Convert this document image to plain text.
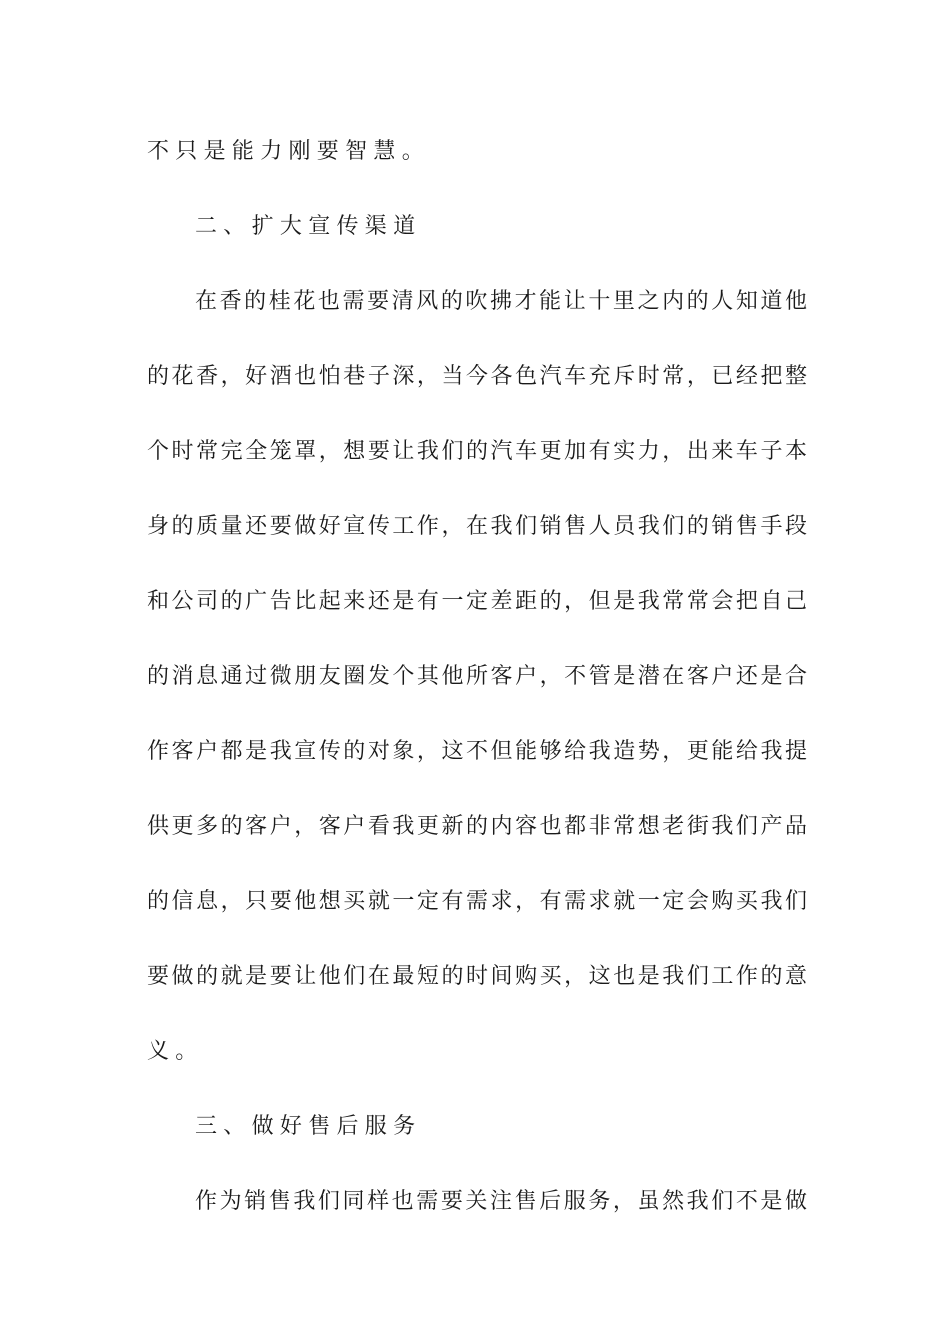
不只是能力刚要智慧。
二、扩大宣传渠道
在香的桂花也需要清风的吹拂才能让十里之内的人知道他
的花香，好酒也怕巷子深，当今各色汽车充斥时常，已经把整
个时常完全笼罩，想要让我们的汽车更加有实力，出来车子本
身的质量还要做好宣传工作，在我们销售人员我们的销售手段
和公司的广告比起来还是有一定差距的，但是我常常会把自己
的消息通过微朋友圈发个其他所客户，不管是潜在客户还是合
作客户都是我宣传的对象，这不但能够给我造势，更能给我提
供更多的客户，客户看我更新的内容也都非常想老街我们产品
的信息，只要他想买就一定有需求，有需求就一定会购买我们
要做的就是要让他们在最短的时间购买，这也是我们工作的意
义。
三、做好售后服务
作为销售我们同样也需要关注售后服务，虽然我们不是做
